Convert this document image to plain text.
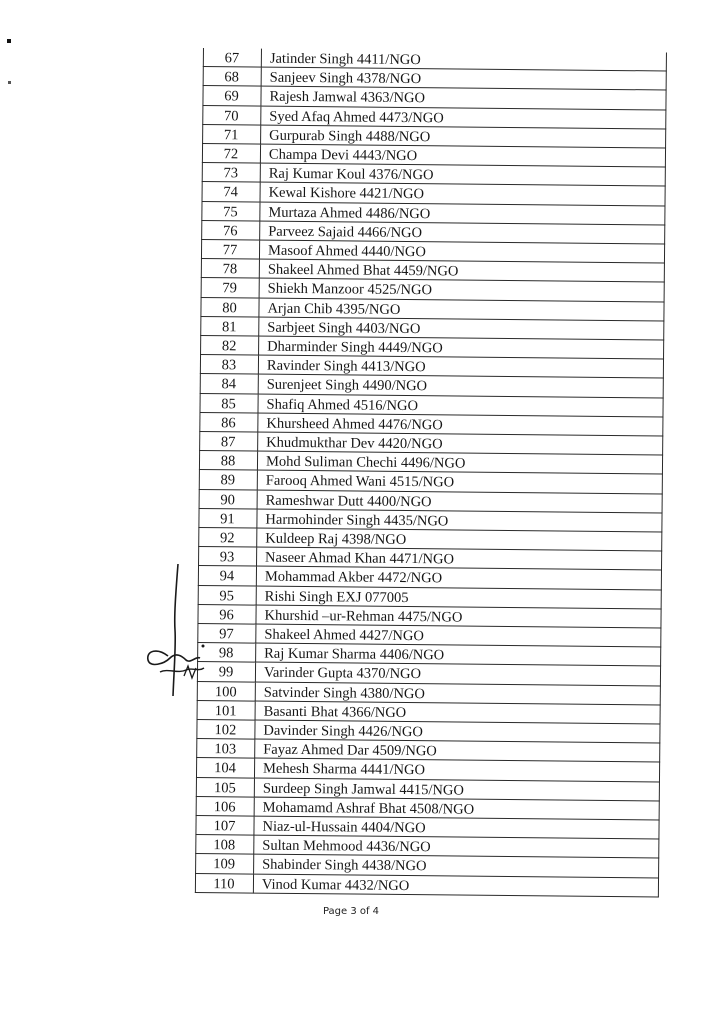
67	Jatinder Singh 4411/NGO
68	Sanjeev Singh 4378/NGO
69	Rajesh Jamwal 4363/NGO
70	Syed Afaq Ahmed 4473/NGO
71	Gurpurab Singh 4488/NGO
72	Champa Devi 4443/NGO
73	Raj Kumar Koul 4376/NGO
74	Kewal Kishore 4421/NGO
75	Murtaza Ahmed 4486/NGO
76	Parveez Sajaid 4466/NGO
77	Masoof Ahmed 4440/NGO
78	Shakeel Ahmed Bhat 4459/NGO
79	Shiekh Manzoor 4525/NGO
80	Arjan Chib 4395/NGO
81	Sarbjeet Singh 4403/NGO
82	Dharminder Singh 4449/NGO
83	Ravinder Singh 4413/NGO
84	Surenjeet Singh 4490/NGO
85	Shafiq Ahmed 4516/NGO
86	Khursheed Ahmed 4476/NGO
87	Khudmukthar Dev 4420/NGO
88	Mohd Suliman Chechi 4496/NGO
89	Farooq Ahmed Wani 4515/NGO
90	Rameshwar Dutt 4400/NGO
91	Harmohinder Singh 4435/NGO
92	Kuldeep Raj 4398/NGO
93	Naseer Ahmad Khan 4471/NGO
94	Mohammad Akber 4472/NGO
95	Rishi Singh EXJ 077005
96	Khurshid –ur-Rehman 4475/NGO
97	Shakeel Ahmed 4427/NGO
98	Raj Kumar Sharma 4406/NGO
99	Varinder Gupta 4370/NGO
100	Satvinder Singh 4380/NGO
101	Basanti Bhat 4366/NGO
102	Davinder Singh 4426/NGO
103	Fayaz Ahmed Dar 4509/NGO
104	Mehesh Sharma 4441/NGO
105	Surdeep Singh Jamwal 4415/NGO
106	Mohamamd Ashraf Bhat 4508/NGO
107	Niaz-ul-Hussain 4404/NGO
108	Sultan Mehmood 4436/NGO
109	Shabinder Singh 4438/NGO
110	Vinod Kumar 4432/NGO
Page 3 of 4
